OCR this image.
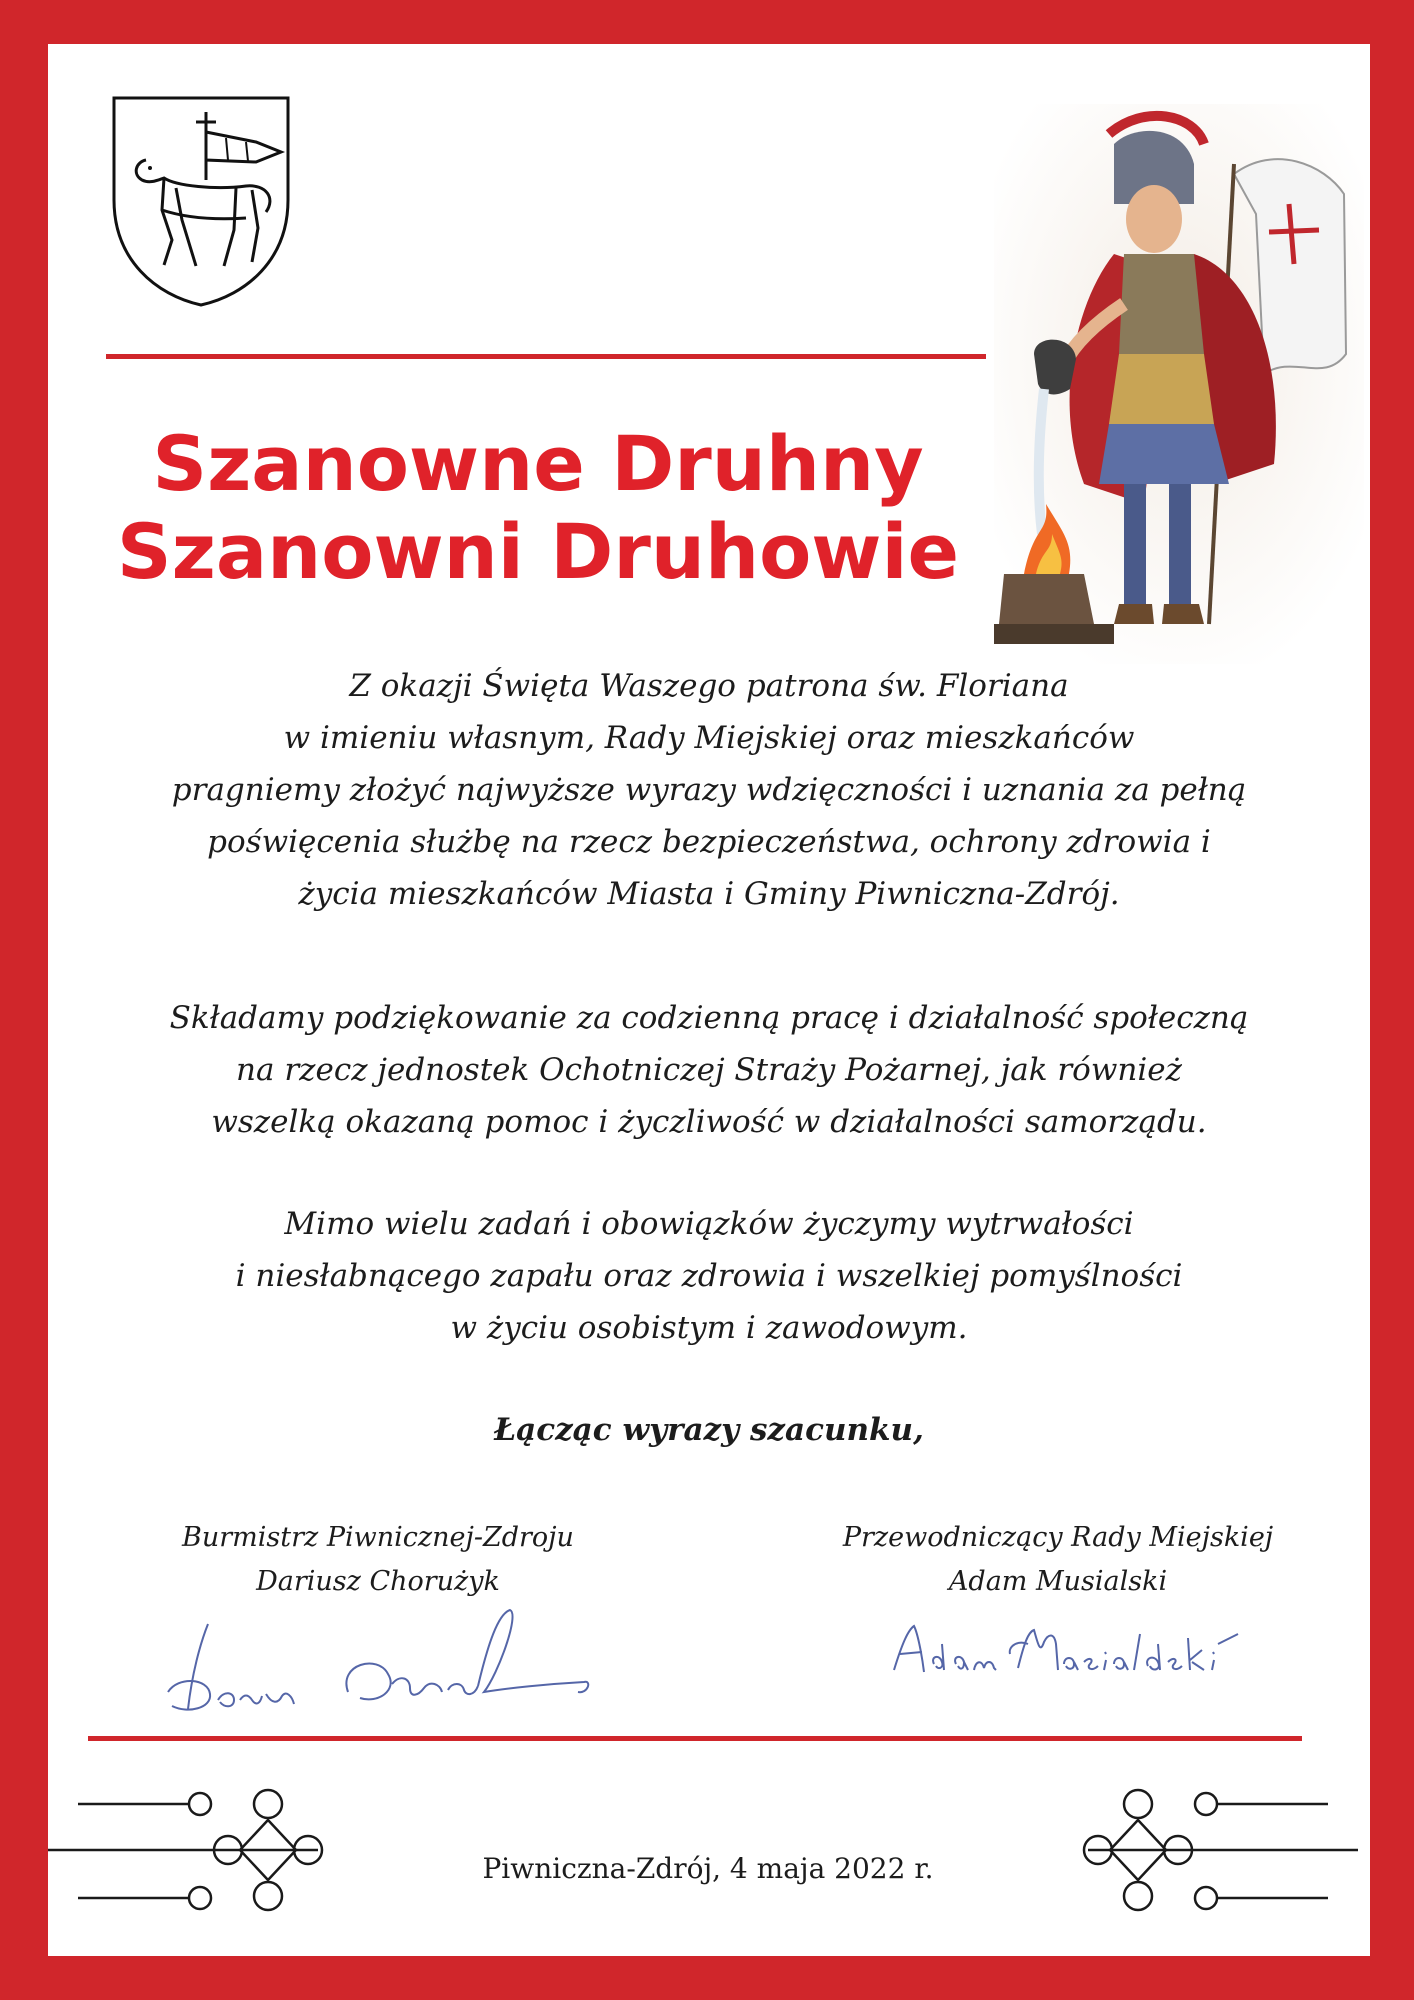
Szanowne Druhny
Szanowni Druhowie
Z okazji Święta Waszego patrona św. Floriana
w imieniu własnym, Rady Miejskiej oraz mieszkańców
pragniemy złożyć najwyższe wyrazy wdzięczności i uznania za pełną
poświęcenia służbę na rzecz bezpieczeństwa, ochrony zdrowia i
życia mieszkańców Miasta i Gminy Piwniczna-Zdrój.
Składamy podziękowanie za codzienną pracę i działalność społeczną
na rzecz jednostek Ochotniczej Straży Pożarnej, jak również
wszelką okazaną pomoc i życzliwość w działalności samorządu.
Mimo wielu zadań i obowiązków życzymy wytrwałości
i niesłabnącego zapału oraz zdrowia i wszelkiej pomyślności
w życiu osobistym i zawodowym.
Łącząc wyrazy szacunku,
Burmistrz Piwnicznej-Zdroju
Dariusz Chorużyk
Przewodniczący Rady Miejskiej
Adam Musialski
Piwniczna-Zdrój, 4 maja 2022 r.
